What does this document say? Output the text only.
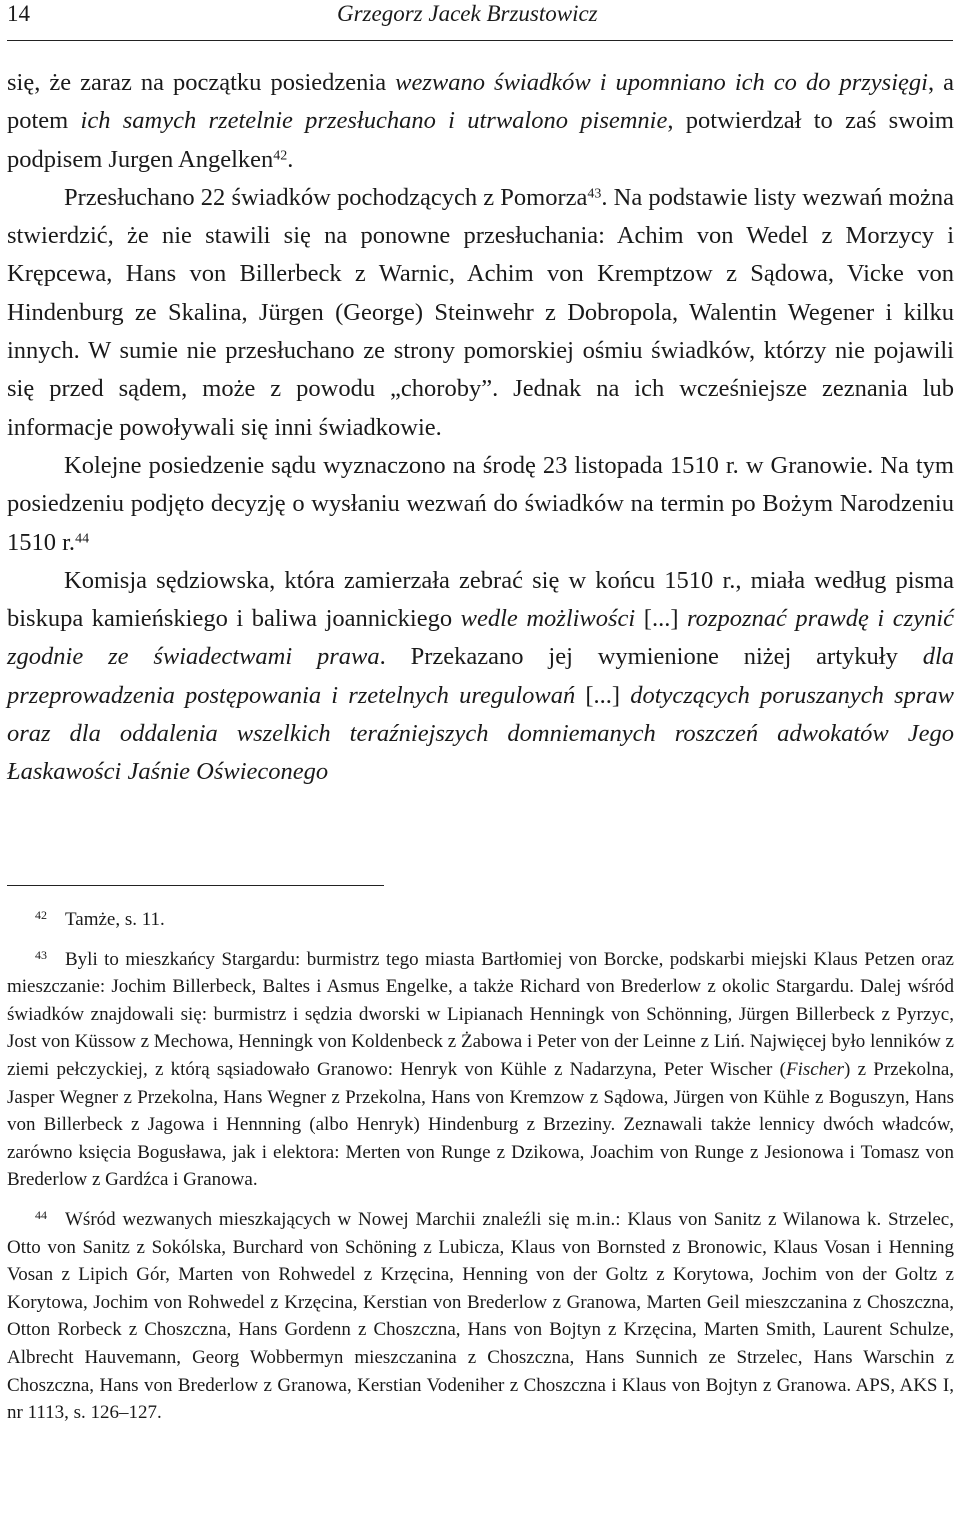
14	Grzegorz Jacek Brzustowicz

się, że zaraz na początku posiedzenia wezwano świadków i upomniano ich co do przysięgi, a potem ich samych rzetelnie przesłuchano i utrwalono pisemnie, potwierdzał to zaś swoim podpisem Jurgen Angelken$^{42}$.

Przesłuchano 22 świadków pochodzących z Pomorza$^{43}$. Na podstawie listy wezwań można stwierdzić, że nie stawili się na ponowne przesłuchania: Achim von Wedel z Morzycy i Krępcewa, Hans von Billerbeck z Warnic, Achim von Kremptzow z Sądowa, Vicke von Hindenburg ze Skalina, Jürgen (George) Steinwehr z Dobropola, Walentin Wegener i kilku innych. W sumie nie przesłuchano ze strony pomorskiej ośmiu świadków, którzy nie pojawili się przed sądem, może z powodu „choroby”. Jednak na ich wcześniejsze zeznania lub informacje powoływali się inni świadkowie.

Kolejne posiedzenie sądu wyznaczono na środę 23 listopada 1510 r. w Granowie. Na tym posiedzeniu podjęto decyzję o wysłaniu wezwań do świadków na termin po Bożym Narodzeniu 1510 r.$^{44}$

Komisja sędziowska, która zamierzała zebrać się w końcu 1510 r., miała według pisma biskupa kamieńskiego i baliwa joannickiego wedle możliwości [...] rozpoznać prawdę i czynić zgodnie ze świadectwami prawa. Przekazano jej wymienione niżej artykuły dla przeprowadzenia postępowania i rzetelnych uregulowań [...] dotyczących poruszanych spraw oraz dla oddalenia wszelkich teraźniejszych domniemanych roszczeń adwokatów Jego Łaskawości Jaśnie Oświeconego

$^{42}$ Tamże, s. 11.

$^{43}$ Byli to mieszkańcy Stargardu: burmistrz tego miasta Bartłomiej von Borcke, podskarbi miejski Klaus Petzen oraz mieszczanie: Jochim Billerbeck, Baltes i Asmus Engelke, a także Richard von Brederlow z okolic Stargardu. Dalej wśród świadków znajdowali się: burmistrz i sędzia dworski w Lipianach Henningk von Schönning, Jürgen Billerbeck z Pyrzyc, Jost von Küssow z Mechowa, Henningk von Koldenbeck z Żabowa i Peter von der Leinne z Liń. Najwięcej było lenników z ziemi pełczyckiej, z którą sąsiadowało Granowo: Henryk von Kühle z Nadarzyna, Peter Wischer (Fischer) z Przekolna, Jasper Wegner z Przekolna, Hans Wegner z Przekolna, Hans von Kremzow z Sądowa, Jürgen von Kühle z Boguszyn, Hans von Billerbeck z Jagowa i Hennning (albo Henryk) Hindenburg z Brzeziny. Zeznawali także lennicy dwóch władców, zarówno księcia Bogusława, jak i elektora: Merten von Runge z Dzikowa, Joachim von Runge z Jesionowa i Tomasz von Brederlow z Gardźca i Granowa.

$^{44}$ Wśród wezwanych mieszkających w Nowej Marchii znaleźli się m.in.: Klaus von Sanitz z Wilanowa k. Strzelec, Otto von Sanitz z Sokólska, Burchard von Schöning z Lubicza, Klaus von Bornsted z Bronowic, Klaus Vosan i Henning Vosan z Lipich Gór, Marten von Rohwedel z Krzęcina, Henning von der Goltz z Korytowa, Jochim von der Goltz z Korytowa, Jochim von Rohwedel z Krzęcina, Kerstian von Brederlow z Granowa, Marten Geil mieszczanina z Choszczna, Otton Rorbeck z Choszczna, Hans Gordenn z Choszczna, Hans von Bojtyn z Krzęcina, Marten Smith, Laurent Schulze, Albrecht Hauvemann, Georg Wobbermyn mieszczanina z Choszczna, Hans Sunnich ze Strzelec, Hans Warschin z Choszczna, Hans von Brederlow z Granowa, Kerstian Vodeniher z Choszczna i Klaus von Bojtyn z Granowa. APS, AKS I, nr 1113, s. 126–127.
